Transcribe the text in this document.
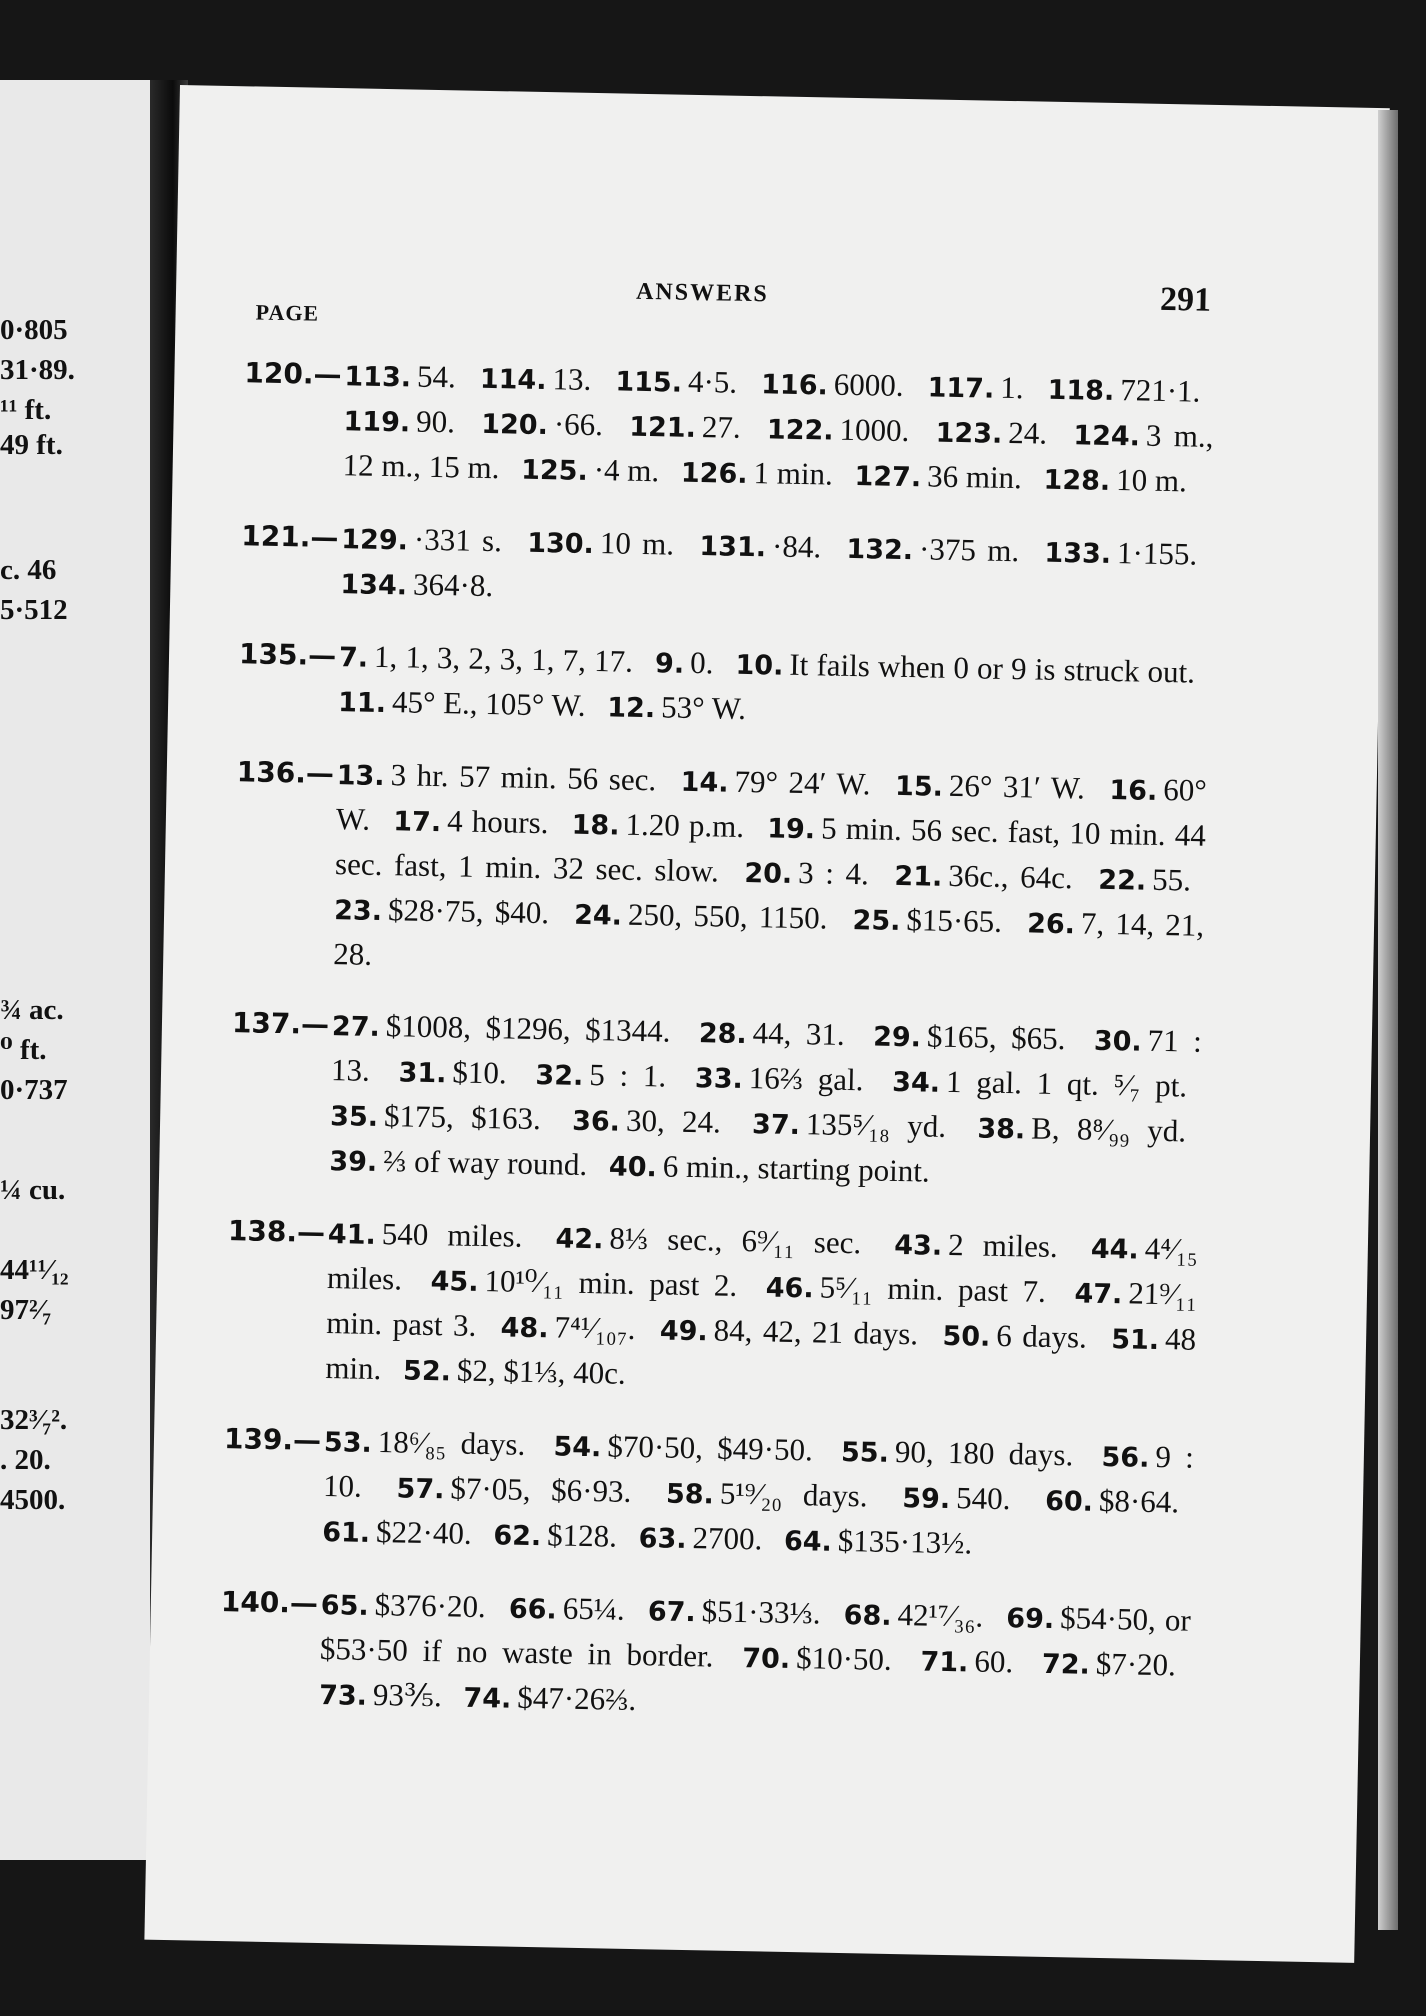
0·805
31·89.
¹¹ ft.
49 ft.
c. 46
5·512
¾ ac.
⁰ ft.
0·737
¼ cu.
44¹¹⁄₁₂
97²⁄₇
32³⁄₇².
. 20.
4500.
PAGE
ANSWERS	291
120.— 113. 54. 114. 13. 115. 4·5. 116. 6000. 117. 1. 118. 721·1. 119. 90. 120. ·66. 121. 27. 122. 1000. 123. 24. 124. 3 m., 12 m., 15 m. 125. ·4 m. 126. 1 min. 127. 36 min. 128. 10 m.
121.— 129. ·331 s. 130. 10 m. 131. ·84. 132. ·375 m. 133. 1·155. 134. 364·8.
135.— 7. 1, 1, 3, 2, 3, 1, 7, 17. 9. 0. 10. It fails when 0 or 9 is struck out. 11. 45° E., 105° W. 12. 53° W.
136.— 13. 3 hr. 57 min. 56 sec. 14. 79° 24′ W. 15. 26° 31′ W. 16. 60° W. 17. 4 hours. 18. 1.20 p.m. 19. 5 min. 56 sec. fast, 10 min. 44 sec. fast, 1 min. 32 sec. slow. 20. 3 : 4. 21. 36c., 64c. 22. 55. 23. $28·75, $40. 24. 250, 550, 1150. 25. $15·65. 26. 7, 14, 21, 28.
137.— 27. $1008, $1296, $1344. 28. 44, 31. 29. $165, $65. 30. 71 : 13. 31. $10. 32. 5 : 1. 33. 16⅔ gal. 34. 1 gal. 1 qt. ⁵⁄₇ pt. 35. $175, $163. 36. 30, 24. 37. 135⁵⁄₁₈ yd. 38. B, 8⁸⁄₉₉ yd. 39. ⅔ of way round. 40. 6 min., starting point.
138.— 41. 540 miles. 42. 8⅓ sec., 6⁹⁄₁₁ sec. 43. 2 miles. 44. 4⁴⁄₁₅ miles. 45. 10¹⁰⁄₁₁ min. past 2. 46. 5⁵⁄₁₁ min. past 7. 47. 21⁹⁄₁₁ min. past 3. 48. 7⁴¹⁄₁₀₇. 49. 84, 42, 21 days. 50. 6 days. 51. 48 min. 52. $2, $1⅓, 40c.
139.— 53. 18⁶⁄₈₅ days. 54. $70·50, $49·50. 55. 90, 180 days. 56. 9 : 10. 57. $7·05, $6·93. 58. 5¹⁹⁄₂₀ days. 59. 540. 60. $8·64. 61. $22·40. 62. $128. 63. 2700. 64. $135·13½.
140.— 65. $376·20. 66. 65¼. 67. $51·33⅓. 68. 42¹⁷⁄₃₆. 69. $54·50, or $53·50 if no waste in border. 70. $10·50. 71. 60. 72. $7·20. 73. 93⅗. 74. $47·26⅔.
